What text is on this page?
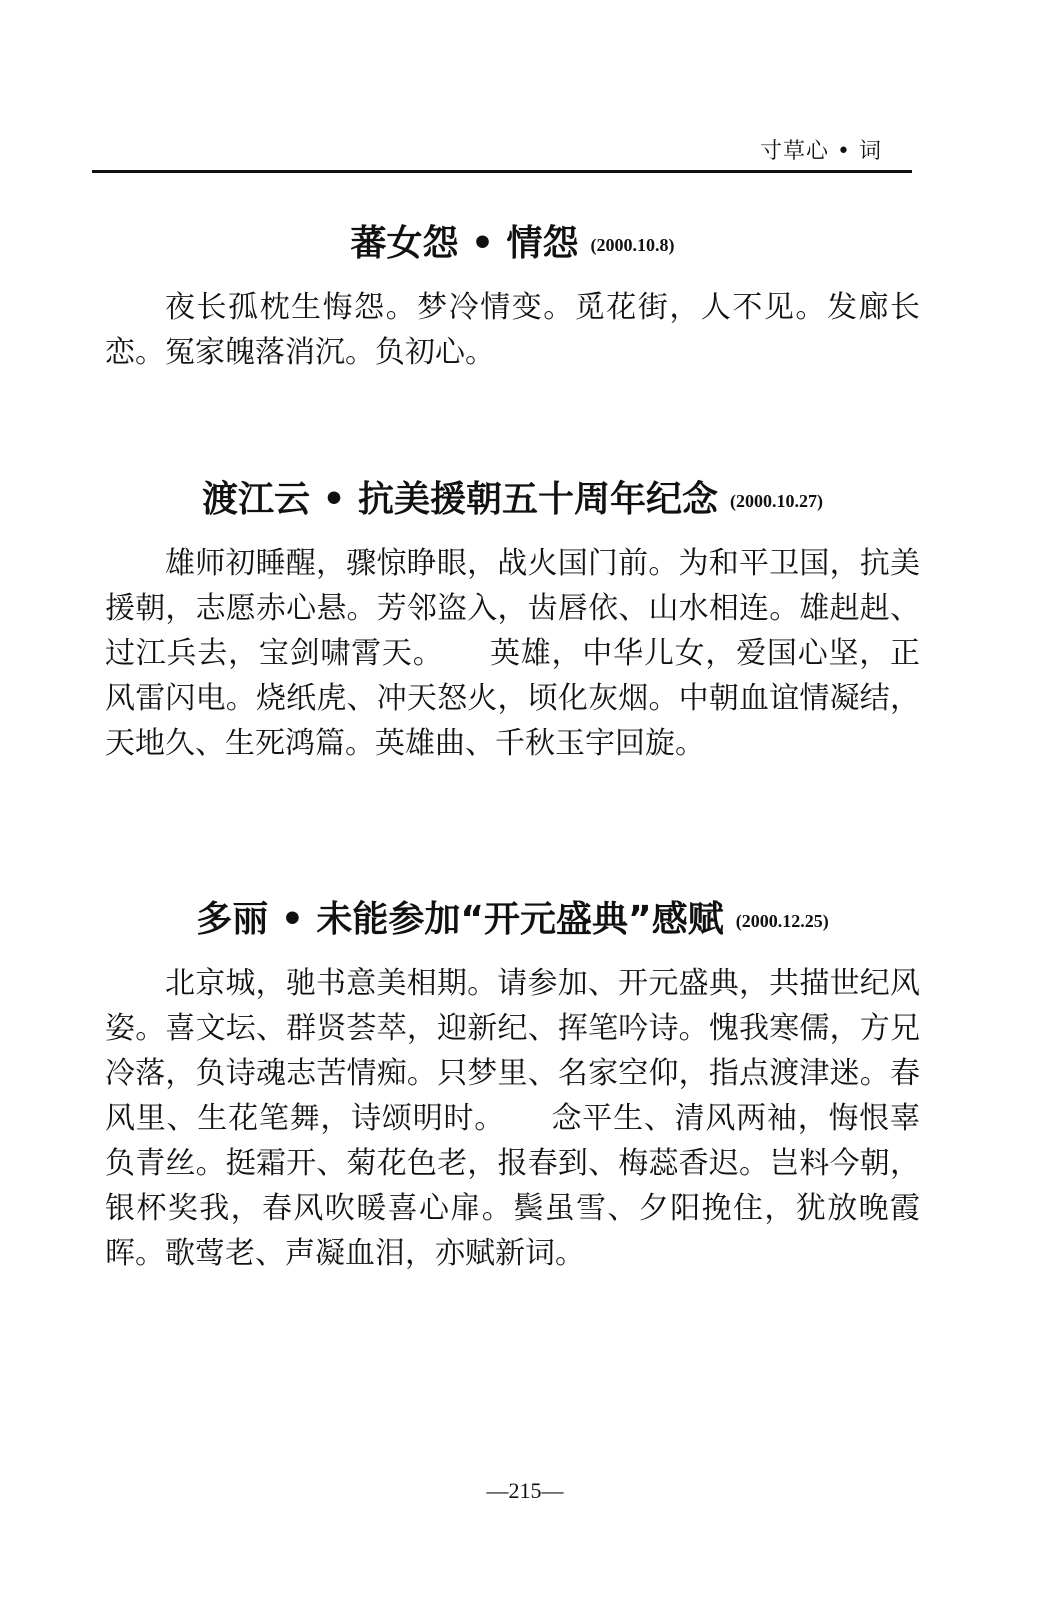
寸草心 • 词
蕃女怨 • 情怨 (2000.10.8)
夜长孤枕生悔怨。梦冷情变。觅花街，人不见。发廊长恋。冤家魄落消沉。负初心。
渡江云 • 抗美援朝五十周年纪念 (2000.10.27)
雄师初睡醒，骤惊睁眼，战火国门前。为和平卫国，抗美援朝，志愿赤心悬。芳邻盗入，齿唇依、山水相连。雄赳赳、过江兵去，宝剑啸霄天。　　英雄，中华儿女，爱国心坚，正风雷闪电。烧纸虎、冲天怒火，顷化灰烟。中朝血谊情凝结，天地久、生死鸿篇。英雄曲、千秋玉宇回旋。
多丽 • 未能参加“开元盛典”感赋 (2000.12.25)
北京城，驰书意美相期。请参加、开元盛典，共描世纪风姿。喜文坛、群贤荟萃，迎新纪、挥笔吟诗。愧我寒儒，方兄冷落，负诗魂志苦情痴。只梦里、名家空仰，指点渡津迷。春风里、生花笔舞，诗颂明时。　　念平生、清风两袖，悔恨辜负青丝。挺霜开、菊花色老，报春到、梅蕊香迟。岂料今朝，银杯奖我，春风吹暖喜心扉。鬓虽雪、夕阳挽住，犹放晚霞晖。歌莺老、声凝血泪，亦赋新词。
—215—
